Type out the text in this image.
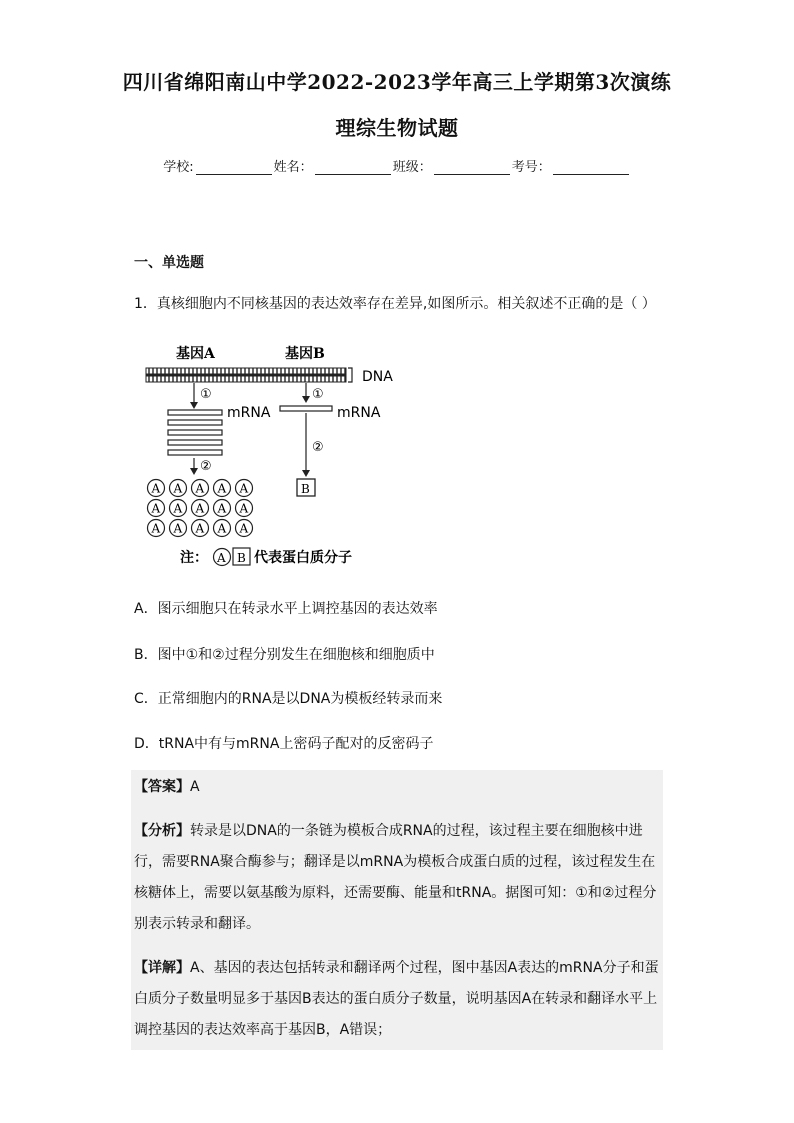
四川省绵阳南山中学2022-2023学年高三上学期第3次演练
理综生物试题
学校:	姓名：	班级：	考号：
一、单选题
1．真核细胞内不同核基因的表达效率存在差异,如图所示。相关叙述不正确的是（ ）
基因A	基因B
DNA
①	①
mRNA	mRNA
②
②
A A A A A
A A A A A
A A A A A
B
注： A B 代表蛋白质分子
A．图示细胞只在转录水平上调控基因的表达效率
B．图中①和②过程分别发生在细胞核和细胞质中
C．正常细胞内的RNA是以DNA为模板经转录而来
D．tRNA中有与mRNA上密码子配对的反密码子
【答案】A
【分析】转录是以DNA的一条链为模板合成RNA的过程，该过程主要在细胞核中进行，需要RNA聚合酶参与；翻译是以mRNA为模板合成蛋白质的过程，该过程发生在核糖体上，需要以氨基酸为原料，还需要酶、能量和tRNA。据图可知：①和②过程分别表示转录和翻译。
【详解】A、基因的表达包括转录和翻译两个过程，图中基因A表达的mRNA分子和蛋白质分子数量明显多于基因B表达的蛋白质分子数量，说明基因A在转录和翻译水平上调控基因的表达效率高于基因B，A错误；
